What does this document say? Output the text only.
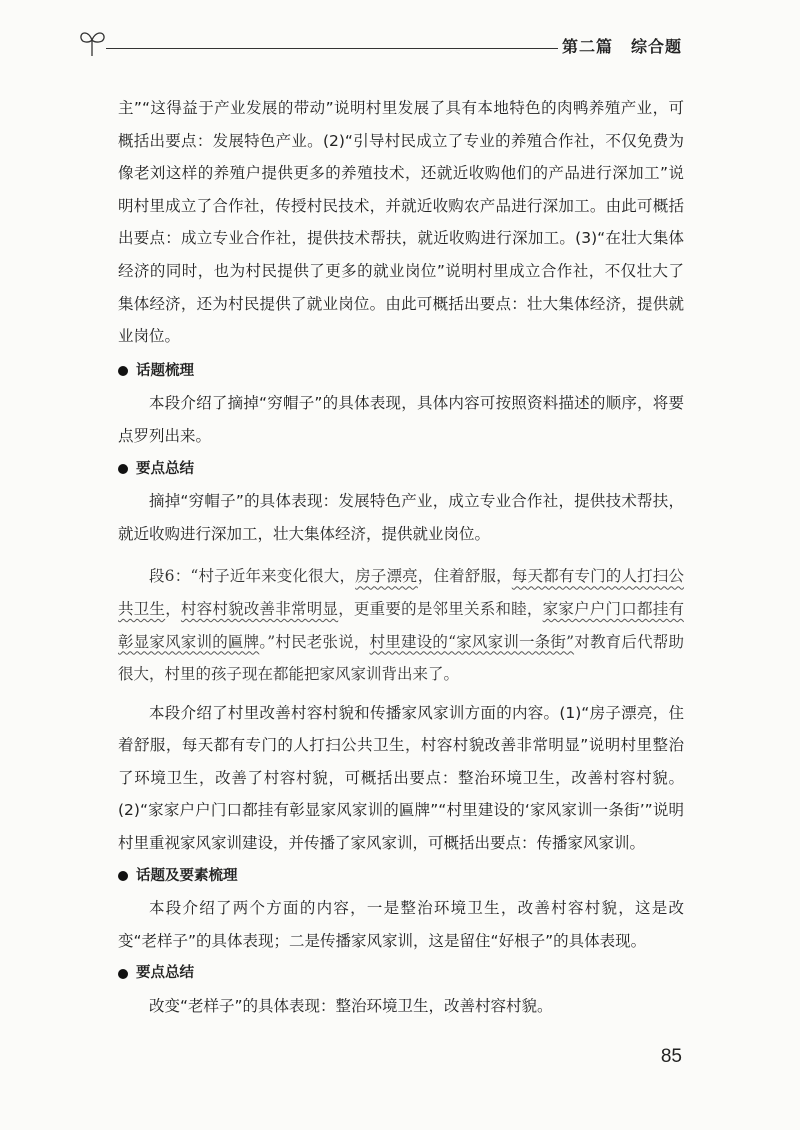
第二篇 综合题

主”“这得益于产业发展的带动”说明村里发展了具有本地特色的肉鸭养殖产业，可概括出要点：发展特色产业。(2)“引导村民成立了专业的养殖合作社，不仅免费为像老刘这样的养殖户提供更多的养殖技术，还就近收购他们的产品进行深加工”说明村里成立了合作社，传授村民技术，并就近收购农产品进行深加工。由此可概括出要点：成立专业合作社，提供技术帮扶，就近收购进行深加工。(3)“在壮大集体经济的同时，也为村民提供了更多的就业岗位”说明村里成立合作社，不仅壮大了集体经济，还为村民提供了就业岗位。由此可概括出要点：壮大集体经济，提供就业岗位。

话题梳理

本段介绍了摘掉“穷帽子”的具体表现，具体内容可按照资料描述的顺序，将要点罗列出来。

要点总结

摘掉“穷帽子”的具体表现：发展特色产业，成立专业合作社，提供技术帮扶，就近收购进行深加工，壮大集体经济，提供就业岗位。

段6：“村子近年来变化很大，房子漂亮，住着舒服，每天都有专门的人打扫公共卫生，村容村貌改善非常明显，更重要的是邻里关系和睦，家家户户门口都挂有彰显家风家训的匾牌。”村民老张说，村里建设的“家风家训一条街”对教育后代帮助很大，村里的孩子现在都能把家风家训背出来了。

本段介绍了村里改善村容村貌和传播家风家训方面的内容。(1)“房子漂亮，住着舒服，每天都有专门的人打扫公共卫生，村容村貌改善非常明显”说明村里整治了环境卫生，改善了村容村貌，可概括出要点：整治环境卫生，改善村容村貌。(2)“家家户户门口都挂有彰显家风家训的匾牌”“村里建设的‘家风家训一条街’”说明村里重视家风家训建设，并传播了家风家训，可概括出要点：传播家风家训。

话题及要素梳理

本段介绍了两个方面的内容，一是整治环境卫生，改善村容村貌，这是改变“老样子”的具体表现；二是传播家风家训，这是留住“好根子”的具体表现。

要点总结

改变“老样子”的具体表现：整治环境卫生，改善村容村貌。

85
